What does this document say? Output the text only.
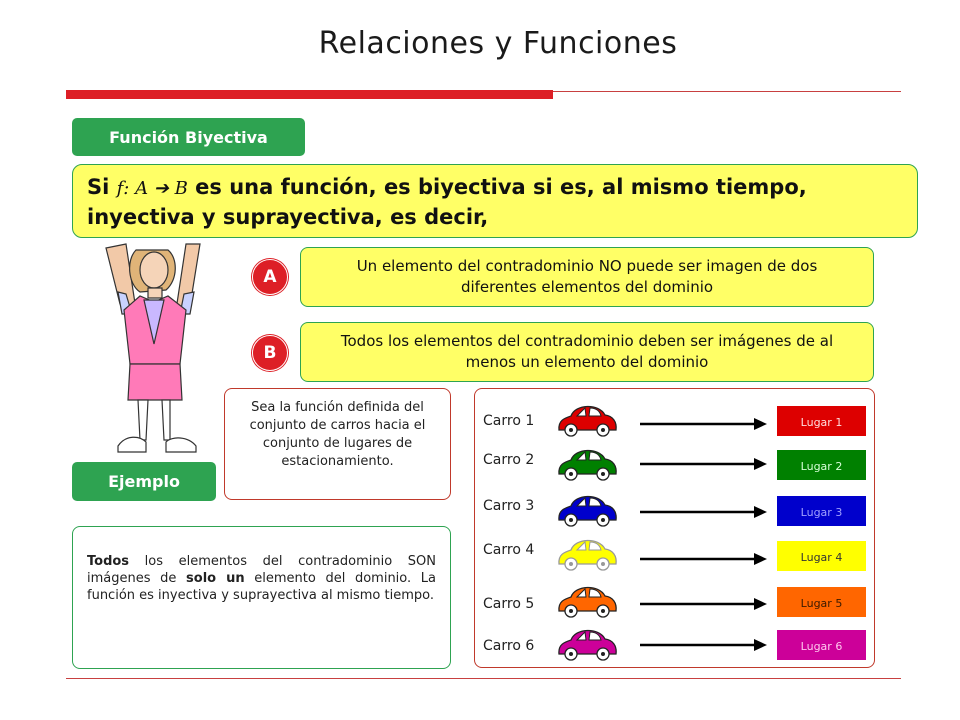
Relaciones y Funciones
Función Biyectiva
Si f: A ➔ B es una función, es biyectiva si es, al mismo tiempo, inyectiva y suprayectiva, es decir,
A
Un elemento del contradominio NO puede ser imagen de dos diferentes elementos del dominio
B
Todos los elementos del contradominio deben ser imágenes de al menos un elemento del dominio
Sea la función definida del conjunto de carros hacia el conjunto de lugares de estacionamiento.
Ejemplo
Todos los elementos del contradominio SON imágenes de solo un elemento del dominio. La función es inyectiva y suprayectiva al mismo tiempo.
Carro 1
Carro 2
Carro 3
Carro 4
Carro 5
Carro 6
Lugar 1
Lugar 2
Lugar 3
Lugar 4
Lugar 5
Lugar 6
